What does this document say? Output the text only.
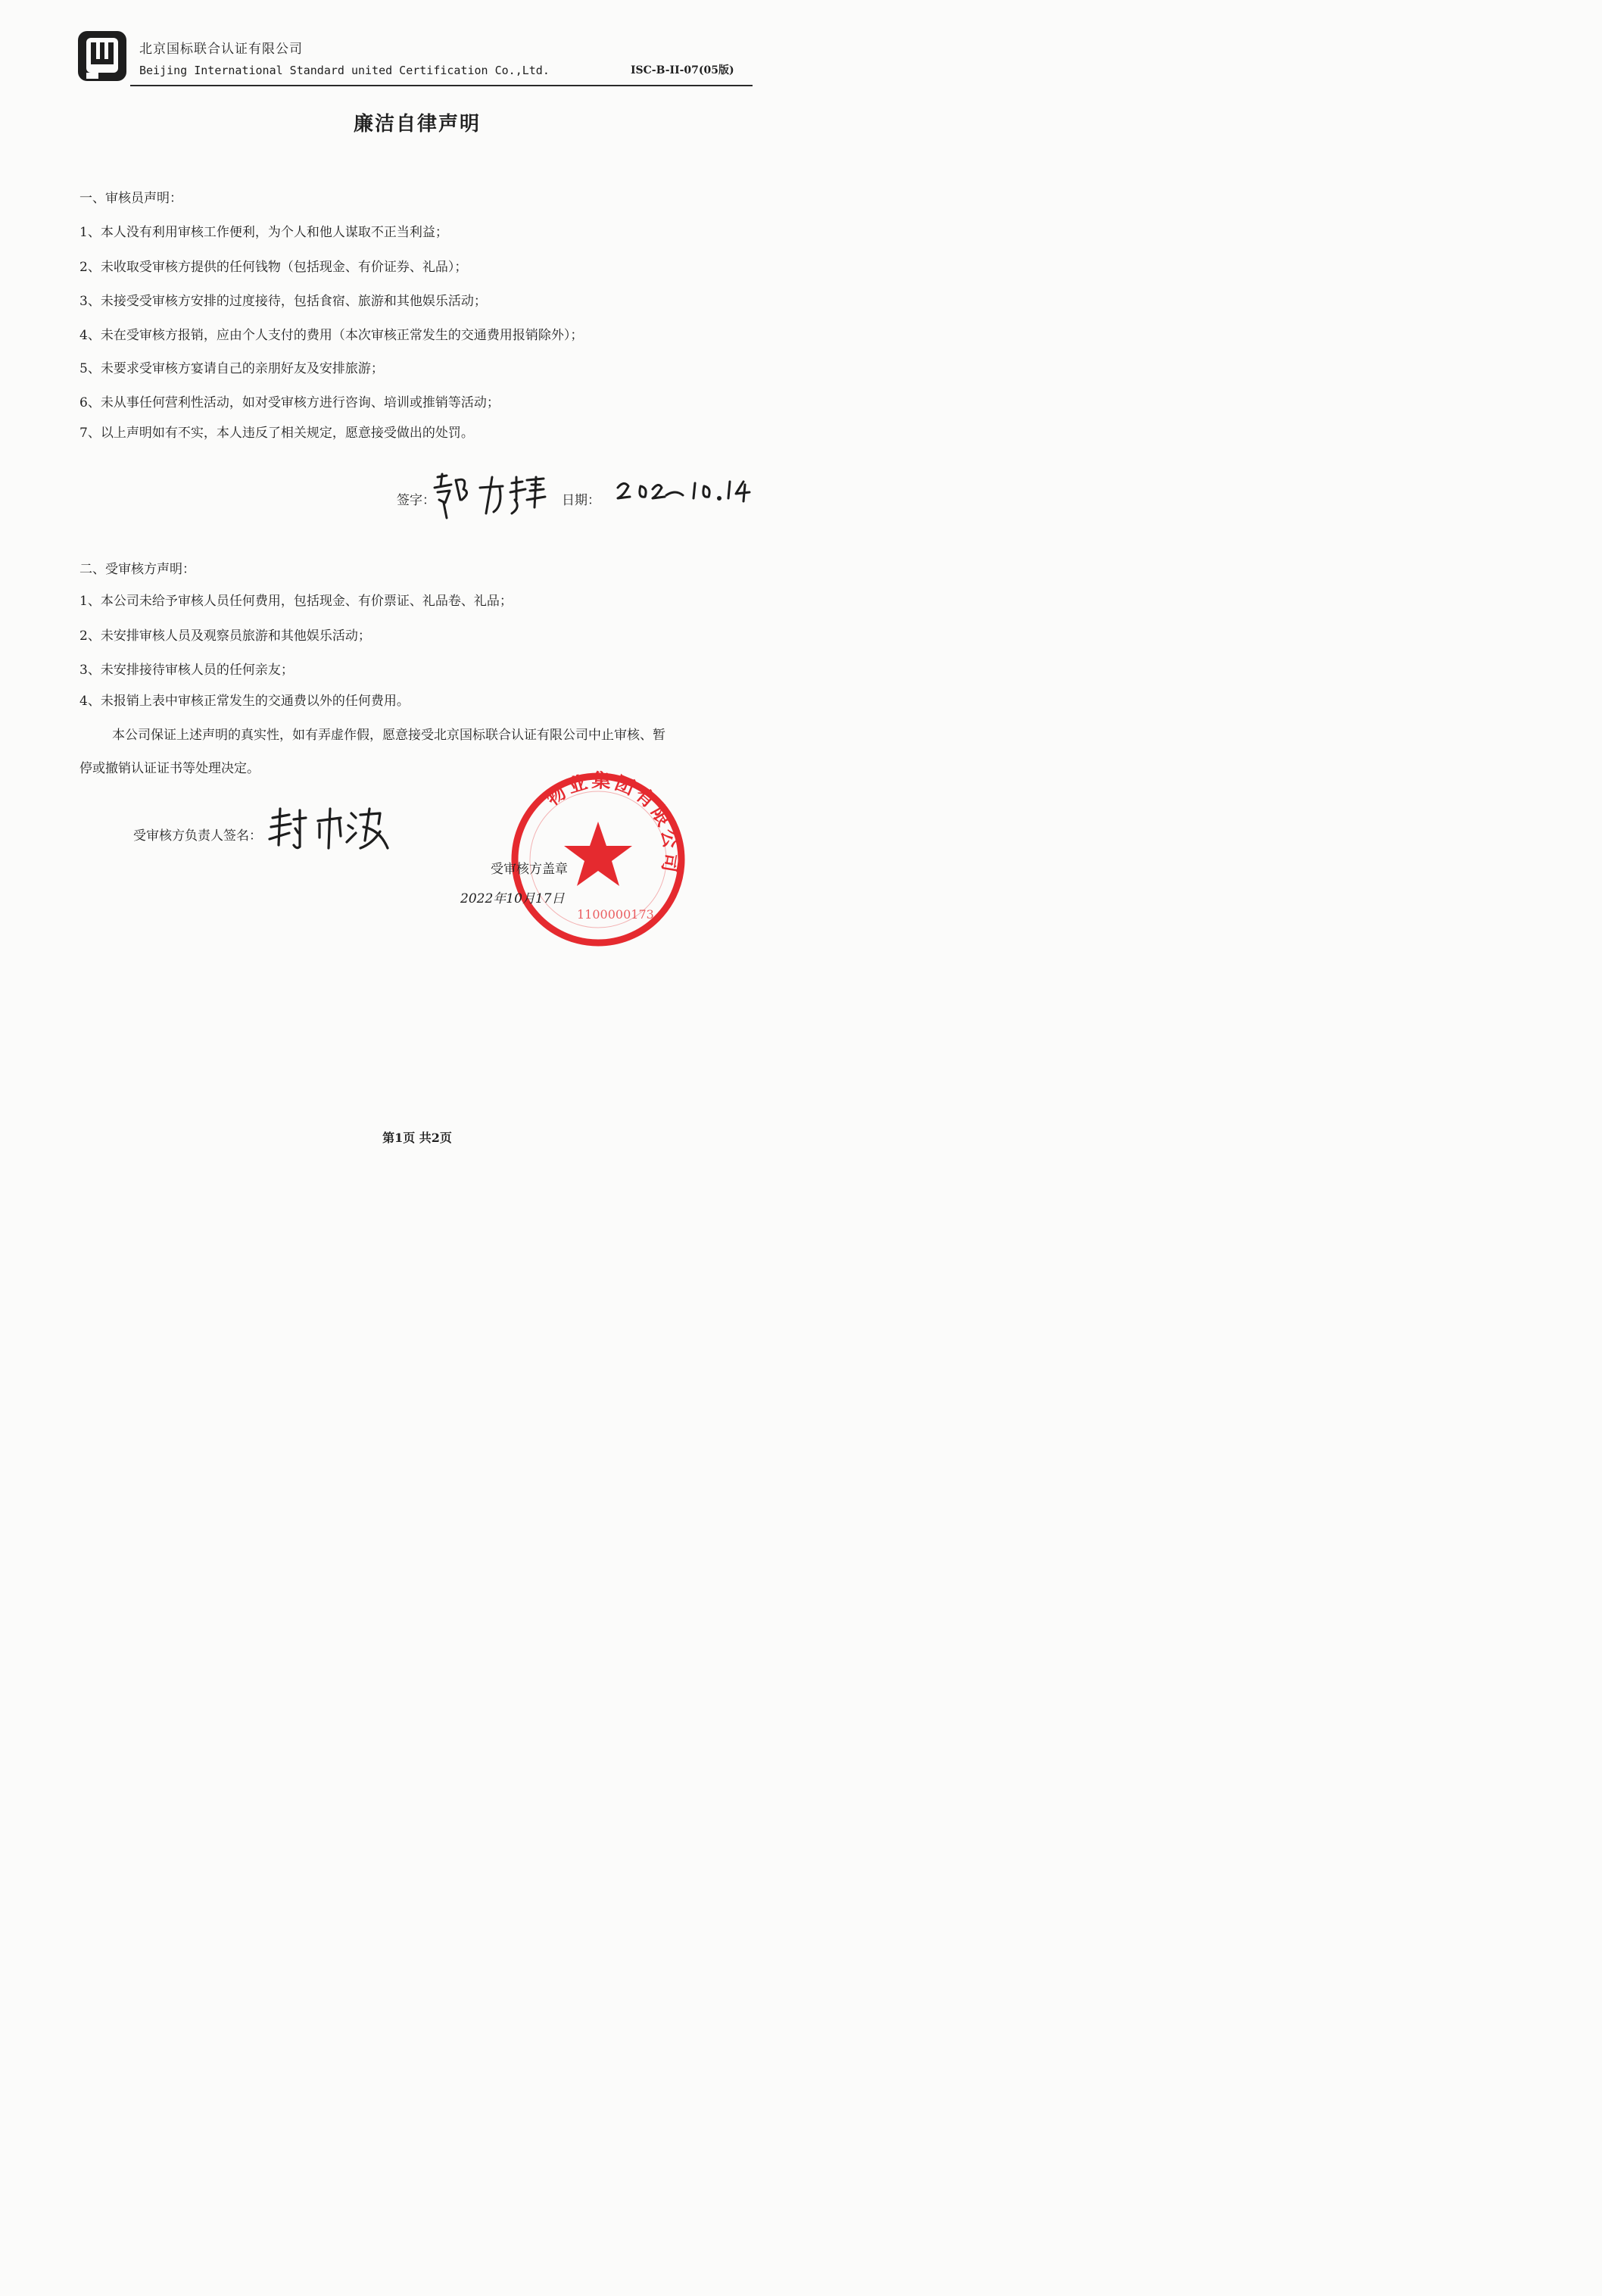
北京国标联合认证有限公司
Beijing International Standard united Certification Co.,Ltd.	ISC-B-II-07(05版)
廉洁自律声明
一、审核员声明：
1、本人没有利用审核工作便利，为个人和他人谋取不正当利益；
2、未收取受审核方提供的任何钱物（包括现金、有价证券、礼品）；
3、未接受受审核方安排的过度接待，包括食宿、旅游和其他娱乐活动；
4、未在受审核方报销，应由个人支付的费用（本次审核正常发生的交通费用报销除外）；
5、未要求受审核方宴请自己的亲朋好友及安排旅游；
6、未从事任何营利性活动，如对受审核方进行咨询、培训或推销等活动；
7、以上声明如有不实，本人违反了相关规定，愿意接受做出的处罚。
签字：	日期：
二、受审核方声明：
1、本公司未给予审核人员任何费用，包括现金、有价票证、礼品卷、礼品；
2、未安排审核人员及观察员旅游和其他娱乐活动；
3、未安排接待审核人员的任何亲友；
4、未报销上表中审核正常发生的交通费以外的任何费用。
本公司保证上述声明的真实性，如有弄虚作假，愿意接受北京国标联合认证有限公司中止审核、暂
停或撤销认证证书等处理决定。
受审核方负责人签名：
物业集团有限公司
1100000173
受审核方盖章
2022年10月17日
第1页 共2页
